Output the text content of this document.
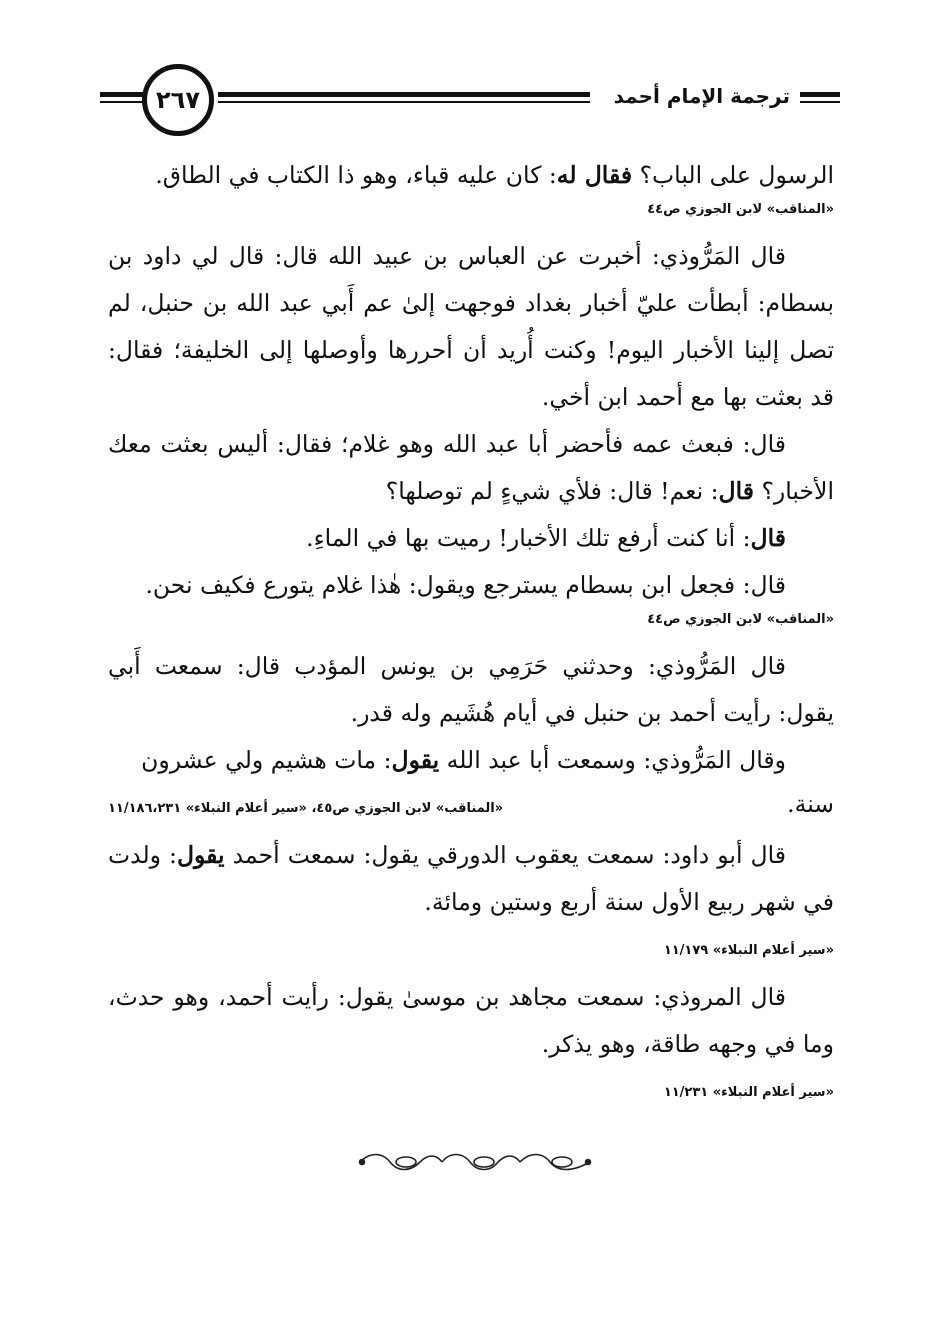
ترجمة الإمام أحمد
٢٦٧

الرسول على الباب؟ فقال له: كان عليه قباء، وهو ذا الكتاب في الطاق.

«المناقب» لابن الجوزي ص٤٤

قال المَرُّوذي: أخبرت عن العباس بن عبيد الله قال: قال لي داود بن بسطام: أبطأت عليّ أخبار بغداد فوجهت إلىٰ عم أَبي عبد الله بن حنبل، لم تصل إلينا الأخبار اليوم! وكنت أُريد أن أحررها وأوصلها إلى الخليفة؛ فقال: قد بعثت بها مع أحمد ابن أخي.

قال: فبعث عمه فأحضر أبا عبد الله وهو غلام؛ فقال: أليس بعثت معك الأخبار؟ قال: نعم! قال: فلأي شيءٍ لم توصلها؟

قال: أنا كنت أرفع تلك الأخبار! رميت بها في الماءِ.

قال: فجعل ابن بسطام يسترجع ويقول: هٰذا غلام يتورع فكيف نحن.

«المناقب» لابن الجوزي ص٤٤

قال المَرُّوذي: وحدثني حَرَمِي بن يونس المؤدب قال: سمعت أَبي يقول: رأيت أحمد بن حنبل في أيام هُشَيم وله قدر.

وقال المَرُّوذي: وسمعت أبا عبد الله يقول: مات هشيم ولي عشرون

سنة.
«المناقب» لابن الجوزي ص٤٥، «سير أعلام النبلاء» ١١/١٨٦،٢٣١

قال أبو داود: سمعت يعقوب الدورقي يقول: سمعت أحمد يقول: ولدت في شهر ربيع الأول سنة أربع وستين ومائة.

«سير أعلام النبلاء» ١١/١٧٩

قال المروذي: سمعت مجاهد بن موسىٰ يقول: رأيت أحمد، وهو حدث، وما في وجهه طاقة، وهو يذكر.

«سير أعلام النبلاء» ١١/٢٣١
